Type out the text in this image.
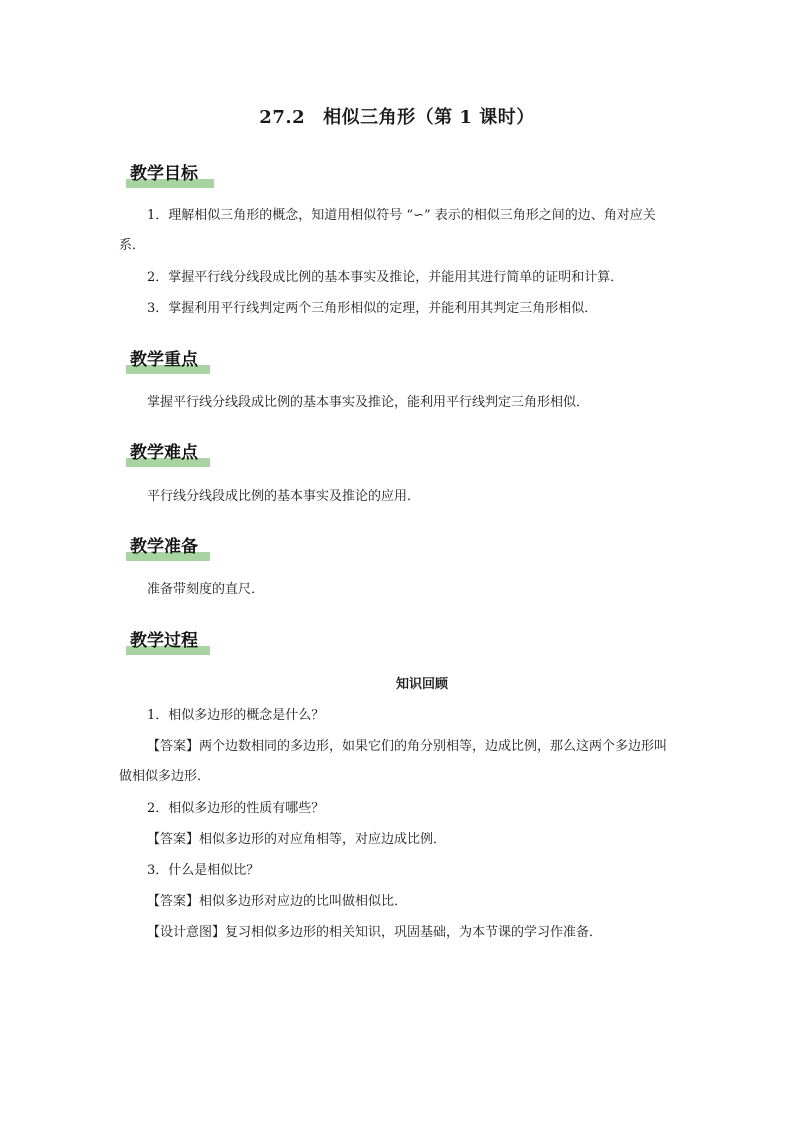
27.2 相似三角形（第 1 课时）
教学目标
1．理解相似三角形的概念，知道用相似符号 “∽” 表示的相似三角形之间的边、角对应关系．
2．掌握平行线分线段成比例的基本事实及推论，并能用其进行简单的证明和计算．
3．掌握利用平行线判定两个三角形相似的定理，并能利用其判定三角形相似．
教学重点
掌握平行线分线段成比例的基本事实及推论，能利用平行线判定三角形相似．
教学难点
平行线分线段成比例的基本事实及推论的应用．
教学准备
准备带刻度的直尺．
教学过程
知识回顾
1．相似多边形的概念是什么？
【答案】两个边数相同的多边形，如果它们的角分别相等，边成比例，那么这两个多边形叫做相似多边形．
2．相似多边形的性质有哪些？
【答案】相似多边形的对应角相等，对应边成比例．
3．什么是相似比？
【答案】相似多边形对应边的比叫做相似比．
【设计意图】复习相似多边形的相关知识，巩固基础，为本节课的学习作准备．
